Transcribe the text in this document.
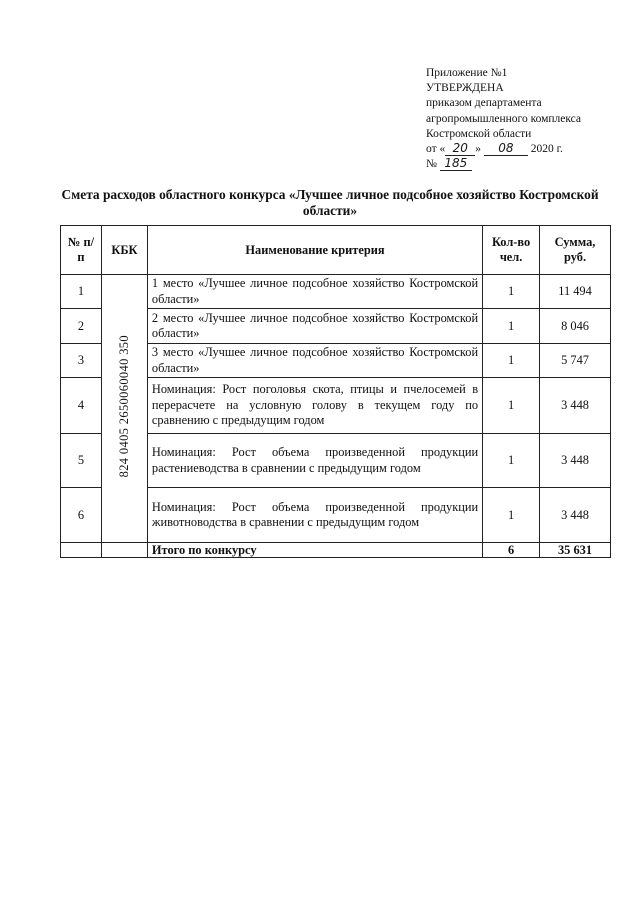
Приложение №1
УТВЕРЖДЕНА
приказом департамента
агропромышленного комплекса
Костромской области
от « 20 » 08 2020 г.
№ 185
Смета расходов областного конкурса «Лучшее личное подсобное хозяйство Костромской области»
№ п/п	КБК	Наименование критерия	Кол-во чел.	Сумма, руб.
1	824 0405 2650060040 350	1 место «Лучшее личное подсобное хозяйство Костромской области»	1	11 494
2		2 место «Лучшее личное подсобное хозяйство Костромской области»	1	8 046
3		3 место «Лучшее личное подсобное хозяйство Костромской области»	1	5 747
4		Номинация: Рост поголовья скота, птицы и пчелосемей в перерасчете на условную голову в текущем году по сравнению с предыдущим годом	1	3 448
5		Номинация: Рост объема произведенной продукции растениеводства в сравнении с предыдущим годом	1	3 448
6		Номинация: Рост объема произведенной продукции животноводства в сравнении с предыдущим годом	1	3 448
		Итого по конкурсу	6	35 631
